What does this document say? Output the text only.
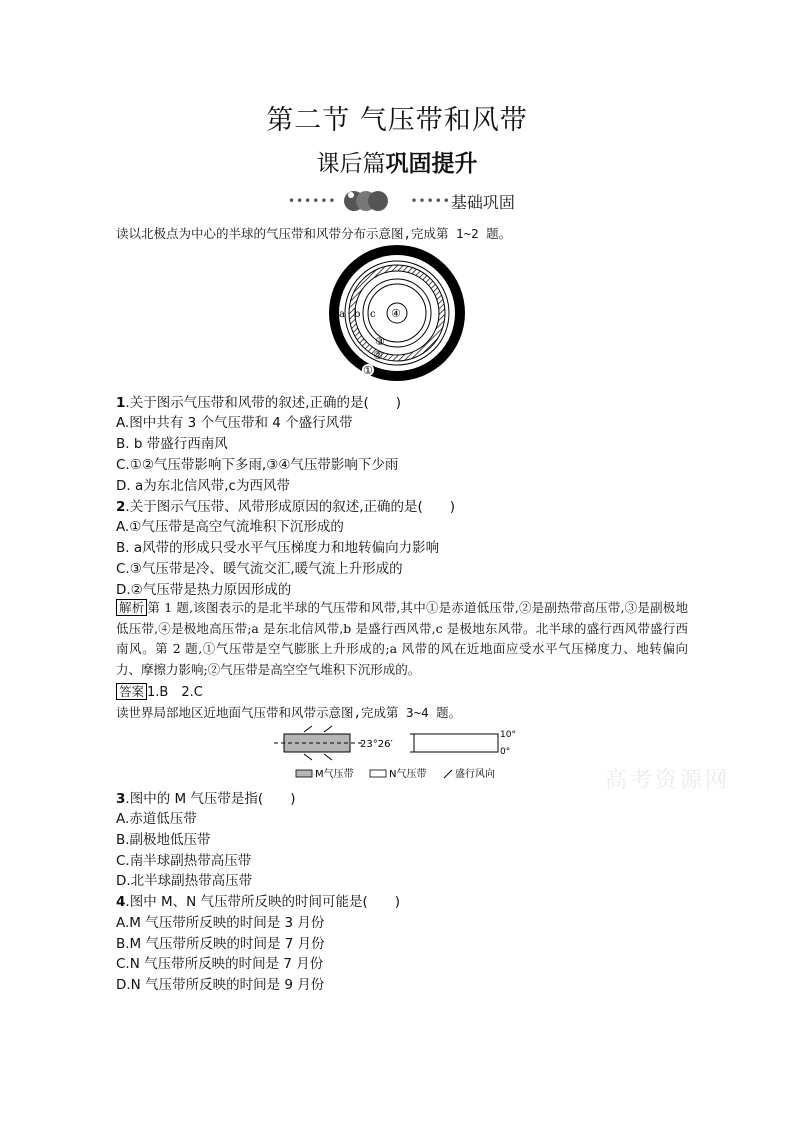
第二节 气压带和风带
课后篇巩固提升
••••••	••••• 基础巩固
读以北极点为中心的半球的气压带和风带分布示意图,完成第 1~2 题。
a b c ④
③
②
①
1.关于图示气压带和风带的叙述,正确的是(　　)
A.图中共有 3 个气压带和 4 个盛行风带
B. b 带盛行西南风
C.①②气压带影响下多雨,③④气压带影响下少雨
D. a为东北信风带,c为西风带
2.关于图示气压带、风带形成原因的叙述,正确的是(　　)
A.①气压带是高空气流堆积下沉形成的
B. a风带的形成只受水平气压梯度力和地转偏向力影响
C.③气压带是冷、暖气流交汇,暖气流上升形成的
D.②气压带是热力原因形成的
解析 第 1 题,该图表示的是北半球的气压带和风带,其中①是赤道低压带,②是副热带高压带,③是副极地低压带,④是极地高压带;a 是东北信风带,b 是盛行西风带,c 是极地东风带。北半球的盛行西风带盛行西南风。第 2 题,①气压带是空气膨胀上升形成的;a 风带的风在近地面应受水平气压梯度力、地转偏向力、摩擦力影响;②气压带是高空空气堆积下沉形成的。
答案 1.B　2.C
读世界局部地区近地面气压带和风带示意图,完成第 3~4 题。
23°26′
10°
0°
M气压带	N气压带	盛行风向	高考资源网
3.图中的 M 气压带是指(　　)
A.赤道低压带
B.副极地低压带
C.南半球副热带高压带
D.北半球副热带高压带
4.图中 M、N 气压带所反映的时间可能是(　　)
A.M 气压带所反映的时间是 3 月份
B.M 气压带所反映的时间是 7 月份
C.N 气压带所反映的时间是 7 月份
D.N 气压带所反映的时间是 9 月份
